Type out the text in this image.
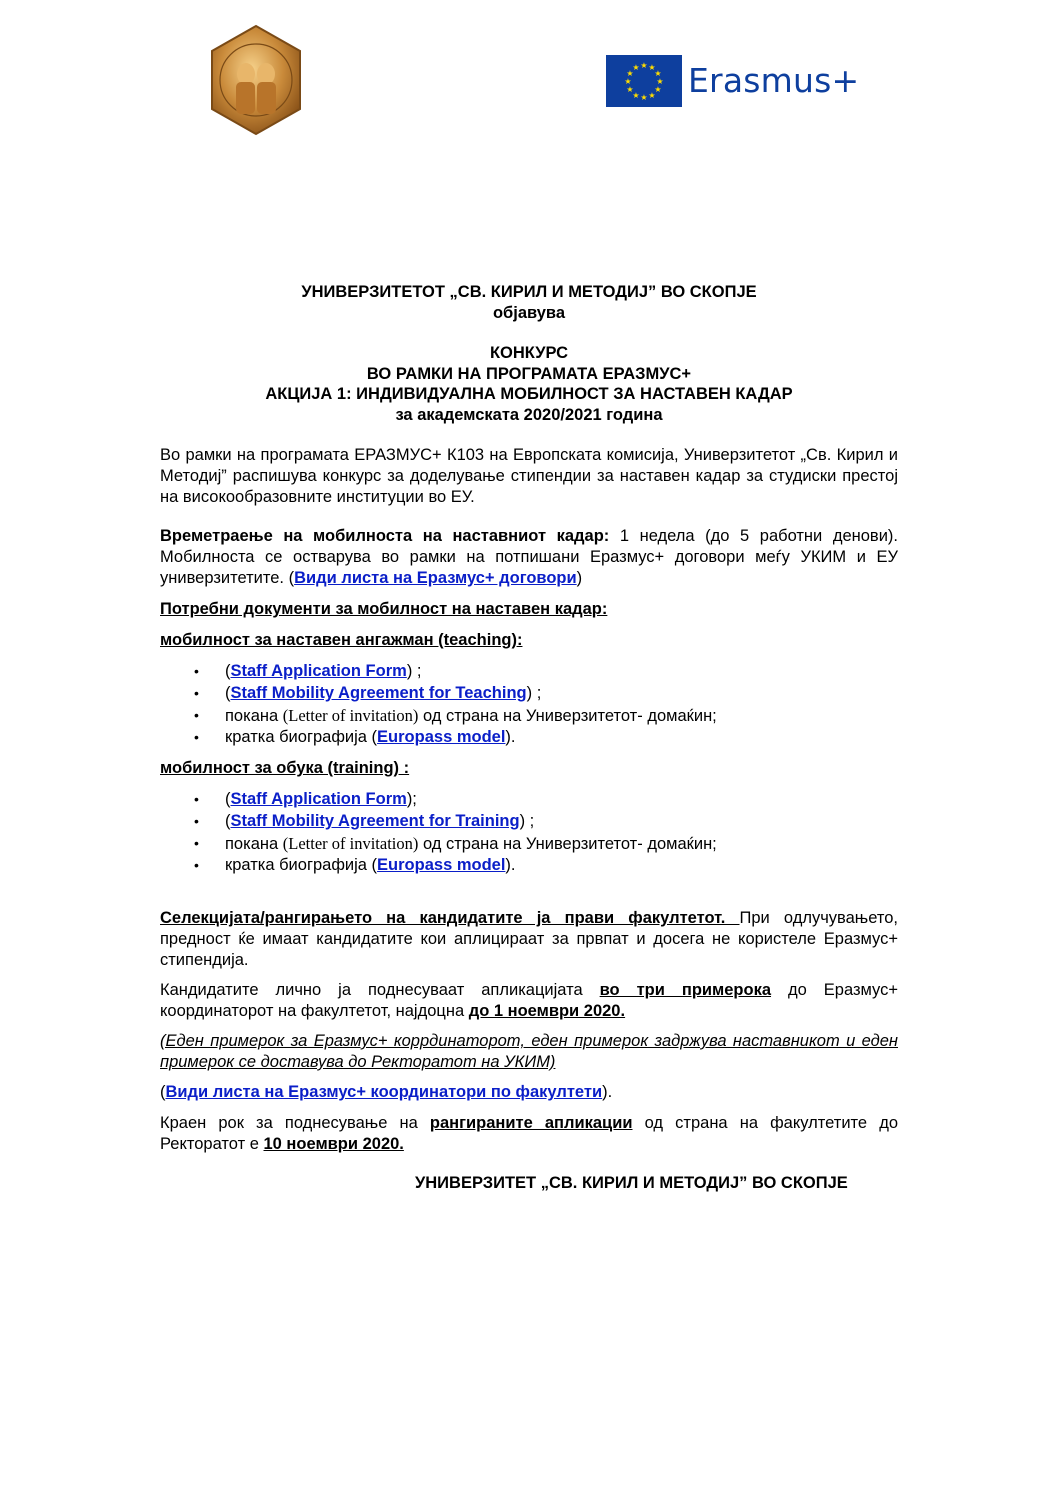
★ ★
★
★
★
★
★
★
★
★
★
★ Erasmus+
УНИВЕРЗИТЕТОТ „СВ. КИРИЛ И МЕТОДИЈ” ВО СКОПЈЕ
објавува
КОНКУРС
ВО РАМКИ НА ПРОГРАМАТА ЕРАЗМУС+
АКЦИЈА 1: ИНДИВИДУАЛНА МОБИЛНОСТ ЗА НАСТАВЕН КАДАР
за академската 2020/2021 година
Во рамки на програмата ЕРАЗМУС+ К103 на Европската комисија, Универзитетот „Св. Кирил и Методиј” распишува конкурс за доделување стипендии за наставен кадар за студиски престој на високообразовните институции во ЕУ.
Времетраење на мобилноста на наставниот кадар: 1 недела (до 5 работни денови). Мобилноста се остварува во рамки на потпишани Еразмус+ договори меѓу УКИМ и ЕУ универзитетите. (Види листа на Еразмус+ договори)
Потребни документи за мобилност на наставен кадар:
мобилност за наставен ангажман (teaching):
• (Staff Application Form) ;
• (Staff Mobility Agreement for Teaching) ;
• покана (Letter of invitation) од страна на Универзитетот- домаќин;
• кратка биографија (Europass model).
мобилност за обука (training) :
• (Staff Application Form);
• (Staff Mobility Agreement for Training) ;
• покана (Letter of invitation) од страна на Универзитетот- домаќин;
• кратка биографија (Europass model).
Селекцијата/рангирањето на кандидатите ја прави факултетот. При одлучувањето, предност ќе имаат кандидатите кои аплицираат за првпат и досега не користеле Еразмус+ стипендија.
Кандидатите лично ја поднесуваат апликацијата во три примерока до Еразмус+ координаторот на факултетот, најдоцна до 1 ноември 2020.
(Еден примерок за Еразмус+ коррдинаторот, еден примерок задржува наставникот и еден примерок се доставува до Ректоратот на УКИМ)
(Види листа на Еразмус+ координатори по факултети).
Краен рок за поднесување на рангираните апликации од страна на факултетите до Ректоратот е 10 ноември 2020.
УНИВЕРЗИТЕТ „СВ. КИРИЛ И МЕТОДИЈ” ВО СКОПЈЕ
